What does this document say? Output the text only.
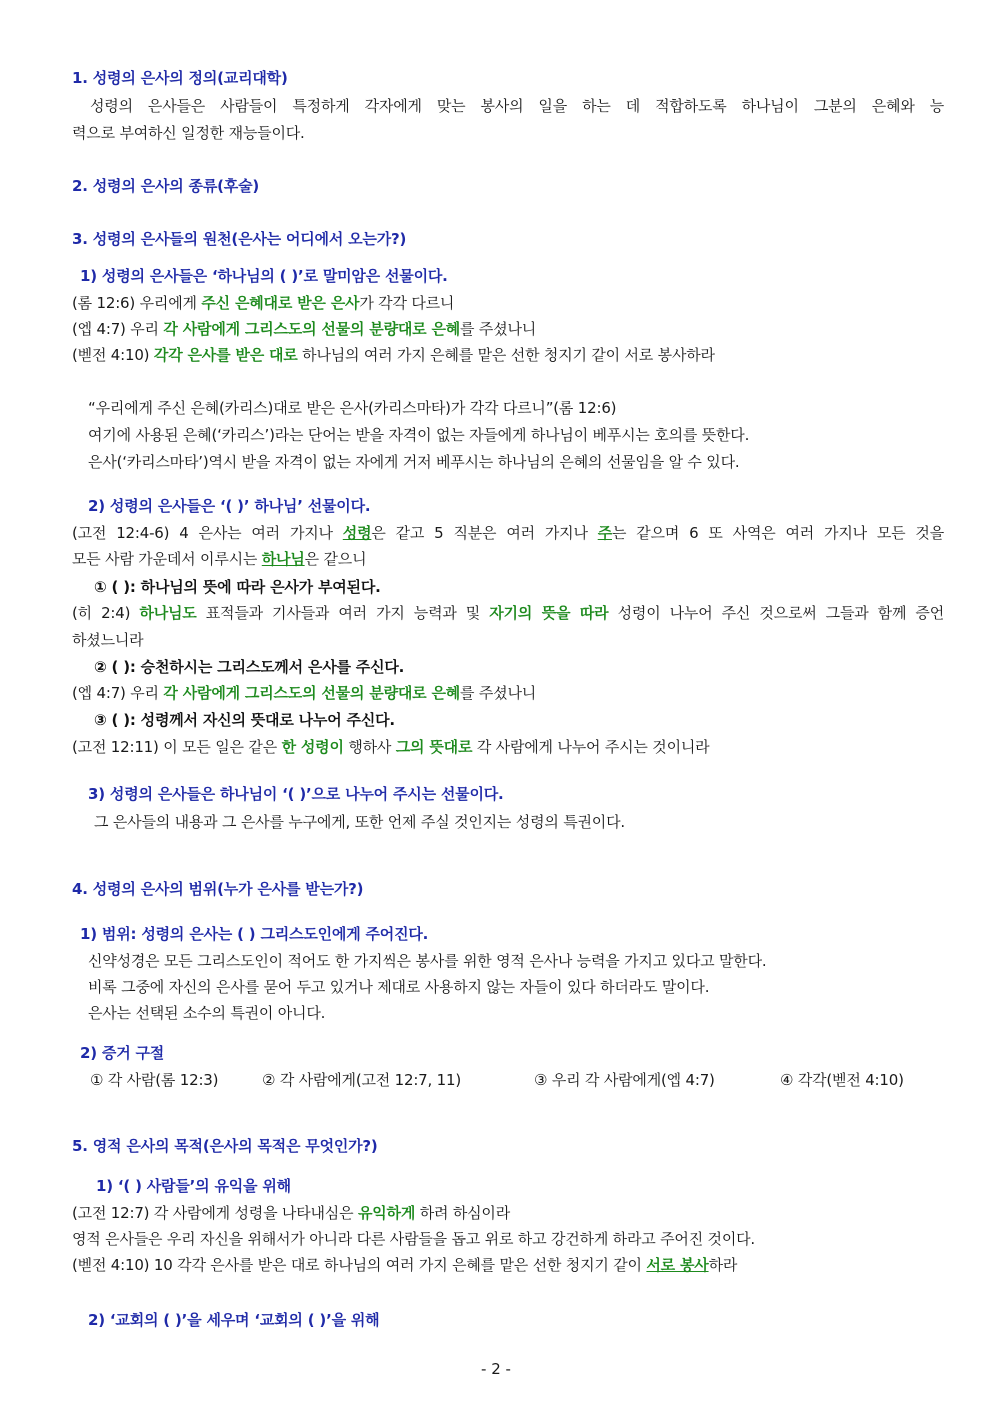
1. 성령의 은사의 정의(교리대학)
성령의 은사들은 사람들이 특정하게 각자에게 맞는 봉사의 일을 하는 데 적합하도록 하나님이 그분의 은혜와 능
력으로 부여하신 일정한 재능들이다.
2. 성령의 은사의 종류(후술)
3. 성령의 은사들의 원천(은사는 어디에서 오는가?)
1) 성령의 은사들은 ‘하나님의 ( )’로 말미암은 선물이다.
(롬 12:6) 우리에게 주신 은혜대로 받은 은사가 각각 다르니
(엡 4:7) 우리 각 사람에게 그리스도의 선물의 분량대로 은혜를 주셨나니
(벧전 4:10) 각각 은사를 받은 대로 하나님의 여러 가지 은혜를 맡은 선한 청지기 같이 서로 봉사하라
“우리에게 주신 은혜(카리스)대로 받은 은사(카리스마타)가 각각 다르니”(롬 12:6)
여기에 사용된 은혜(‘카리스’)라는 단어는 받을 자격이 없는 자들에게 하나님이 베푸시는 호의를 뜻한다.
은사(‘카리스마타’)역시 받을 자격이 없는 자에게 거저 베푸시는 하나님의 은혜의 선물임을 알 수 있다.
2) 성령의 은사들은 ‘( )’ 하나님’ 선물이다.
(고전 12:4-6) 4 은사는 여러 가지나 성령은 같고 5 직분은 여러 가지나 주는 같으며 6 또 사역은 여러 가지나 모든 것을
모든 사람 가운데서 이루시는 하나님은 같으니
① ( ): 하나님의 뜻에 따라 은사가 부여된다.
(히 2:4) 하나님도 표적들과 기사들과 여러 가지 능력과 및 자기의 뜻을 따라 성령이 나누어 주신 것으로써 그들과 함께 증언
하셨느니라
② ( ): 승천하시는 그리스도께서 은사를 주신다.
(엡 4:7) 우리 각 사람에게 그리스도의 선물의 분량대로 은혜를 주셨나니
③ ( ): 성령께서 자신의 뜻대로 나누어 주신다.
(고전 12:11) 이 모든 일은 같은 한 성령이 행하사 그의 뜻대로 각 사람에게 나누어 주시는 것이니라
3) 성령의 은사들은 하나님이 ‘( )’으로 나누어 주시는 선물이다.
그 은사들의 내용과 그 은사를 누구에게, 또한 언제 주실 것인지는 성령의 특권이다.
4. 성령의 은사의 범위(누가 은사를 받는가?)
1) 범위: 성령의 은사는 ( ) 그리스도인에게 주어진다.
신약성경은 모든 그리스도인이 적어도 한 가지씩은 봉사를 위한 영적 은사나 능력을 가지고 있다고 말한다.
비록 그중에 자신의 은사를 묻어 두고 있거나 제대로 사용하지 않는 자들이 있다 하더라도 말이다.
은사는 선택된 소수의 특권이 아니다.
2) 증거 구절
① 각 사람(롬 12:3)	② 각 사람에게(고전 12:7, 11)	③ 우리 각 사람에게(엡 4:7)	④ 각각(벧전 4:10)
5. 영적 은사의 목적(은사의 목적은 무엇인가?)
1) ‘( ) 사람들’의 유익을 위해
(고전 12:7) 각 사람에게 성령을 나타내심은 유익하게 하려 하심이라
영적 은사들은 우리 자신을 위해서가 아니라 다른 사람들을 돕고 위로 하고 강건하게 하라고 주어진 것이다.
(벧전 4:10) 10 각각 은사를 받은 대로 하나님의 여러 가지 은혜를 맡은 선한 청지기 같이 서로 봉사하라
2) ‘교회의 ( )’을 세우며 ‘교회의 ( )’을 위해
- 2 -
